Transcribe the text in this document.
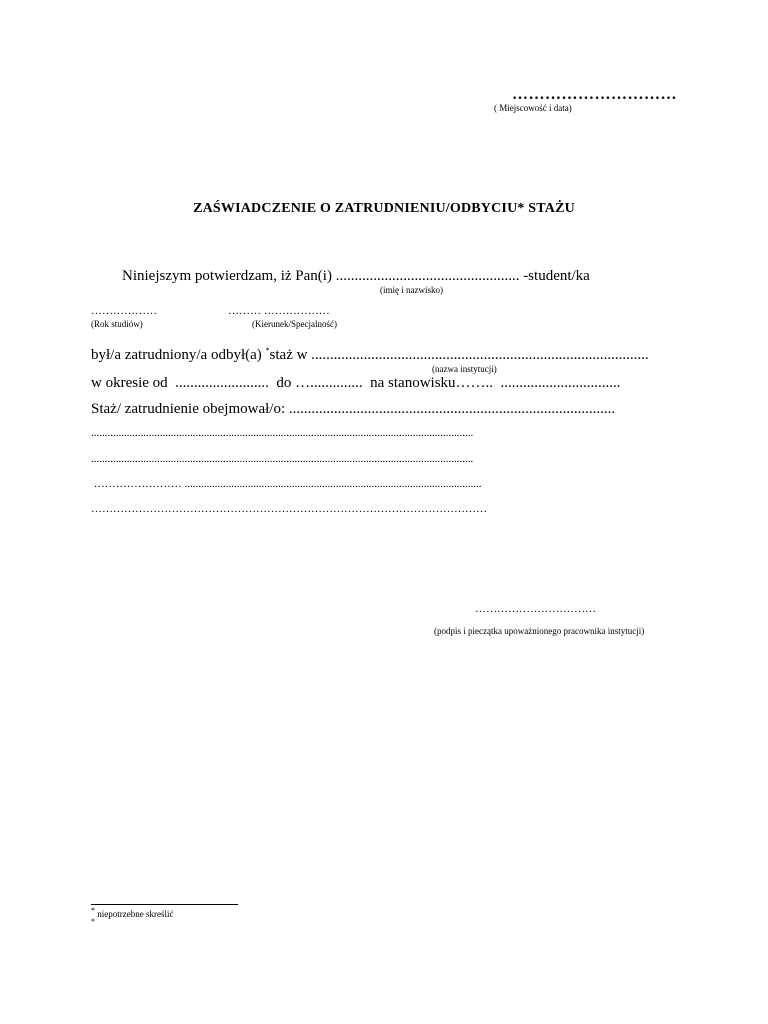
…………………………
( Miejscowość i data)
ZAŚWIADCZENIE O ZATRUDNIENIU/ODBYCIU* STAŻU
Niniejszym potwierdzam, iż Pan(i) ................................................. -student/ka
(imię i nazwisko)
………………	……… ………………
(Rok studiów)	(Kierunek/Specjalność)
był/a zatrudniony/a odbył(a) *staż w ..........................................................................................
(nazwa instytucji)
w okresie od  .........................  do …..............  na stanowisku……..  ................................
Staż/ zatrudnienie obejmował/o: .......................................................................................
...........................................................................................................................................
...........................................................................................................................................
…………………… ............................................................................................................
………………………………………………………………………………………………
……………………………
(podpis i pieczątka upoważnionego pracownika instytucji)
* niepotrzebne skreślić
*
